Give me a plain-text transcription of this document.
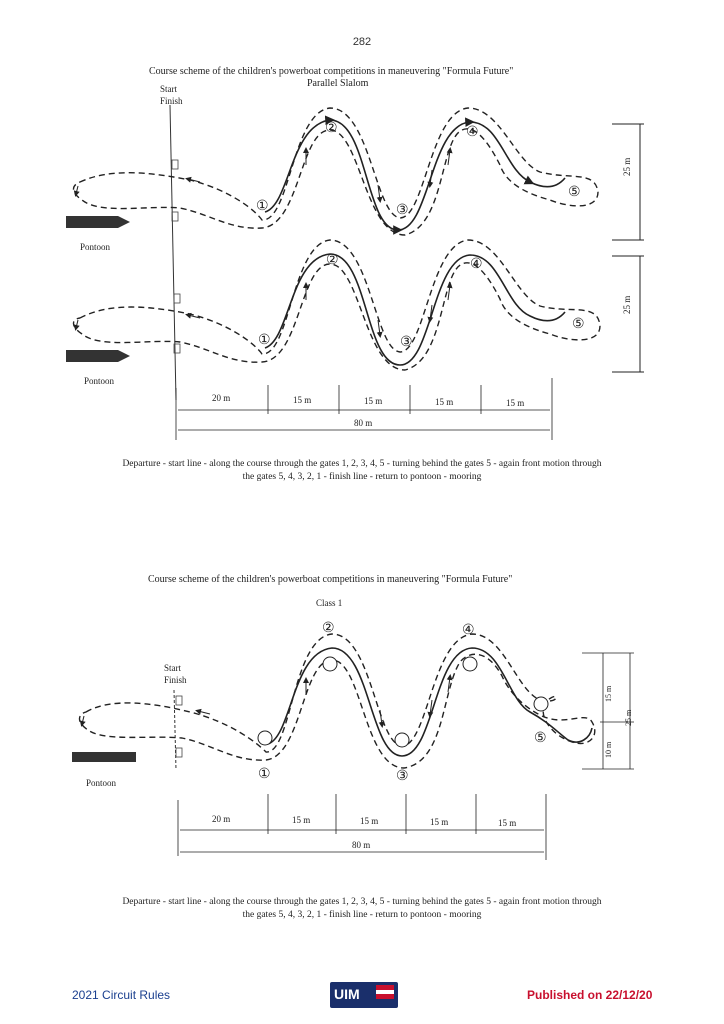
282
Course scheme of the children's powerboat competitions in maneuvering "Formula Future"
Parallel Slalom
Start
Finish
Pontoon
Pontoon
①
②
③
④
⑤
①
②
③
④
⑤
25 m
25 m
20 m	15 m	15 m	15 m	15 m
80 m
Departure - start line - along the course through the gates 1, 2, 3, 4, 5 - turning behind the gates 5 - again front motion through
the gates 5, 4, 3, 2, 1 - finish line - return to pontoon - mooring
Course scheme of the children's powerboat competitions in maneuvering "Formula Future"
Class 1
Start
Finish
Pontoon
①
②
③
④
⑤
15 m
25 m
10 m
20 m	15 m	15 m	15 m	15 m
80 m
Departure - start line - along the course through the gates 1, 2, 3, 4, 5 - turning behind the gates 5 - again front motion through
the gates 5, 4, 3, 2, 1 - finish line - return to pontoon - mooring
2021 Circuit Rules	UIM	Published on 22/12/20
